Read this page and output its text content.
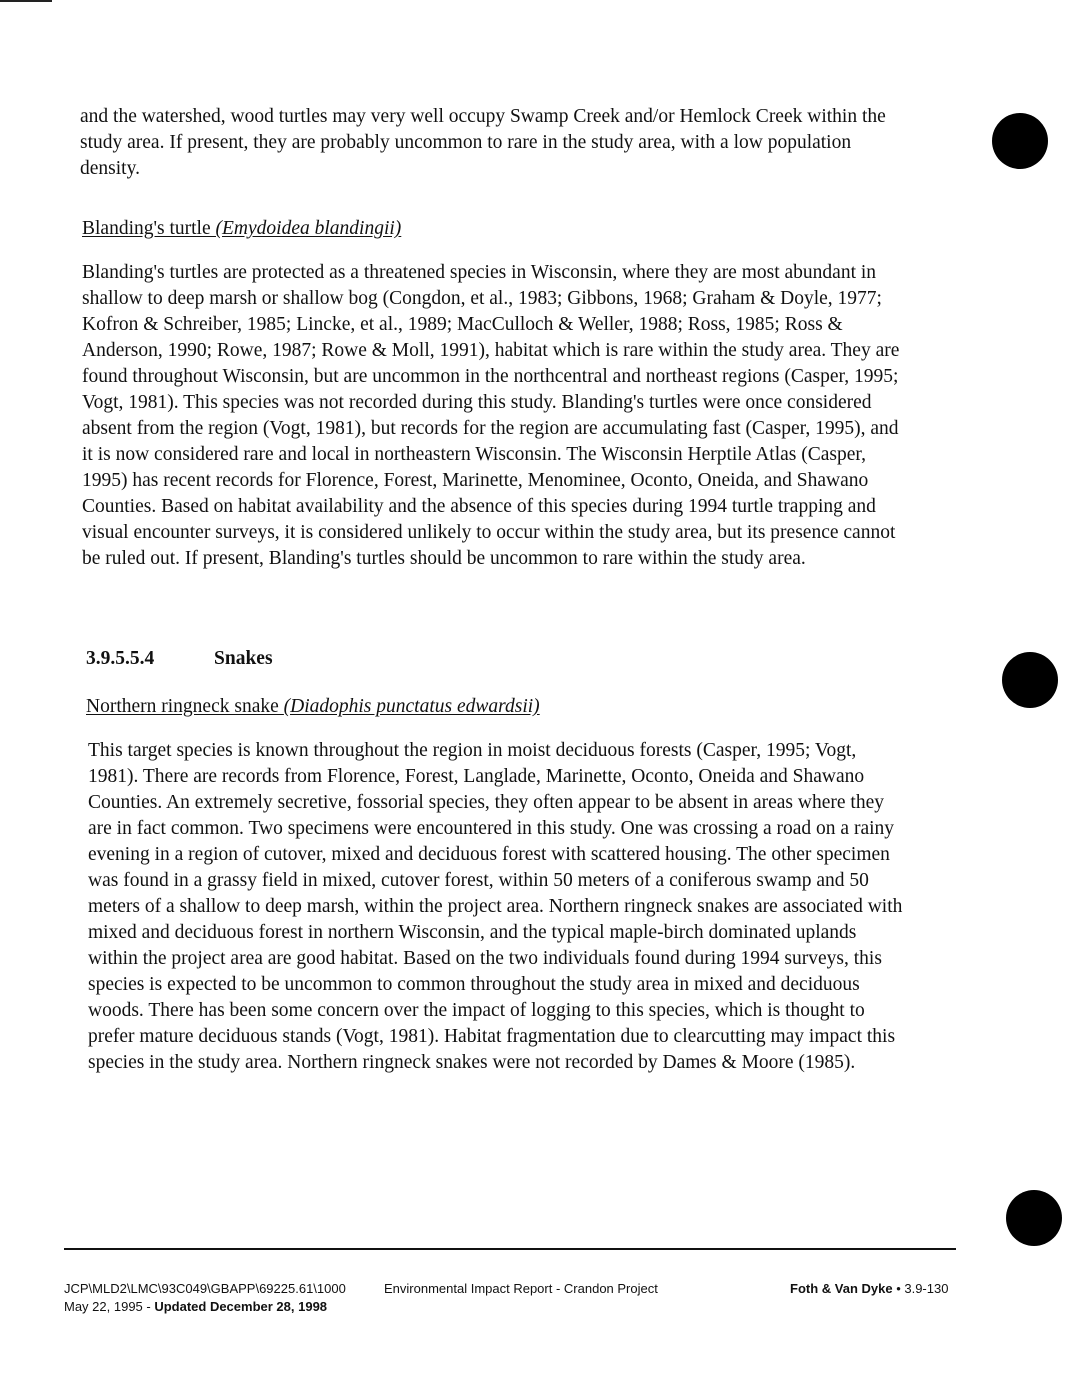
and the watershed, wood turtles may very well occupy Swamp Creek and/or Hemlock Creek within the study area. If present, they are probably uncommon to rare in the study area, with a low population density.

Blanding's turtle (Emydoidea blandingii)

Blanding's turtles are protected as a threatened species in Wisconsin, where they are most abundant in shallow to deep marsh or shallow bog (Congdon, et al., 1983; Gibbons, 1968; Graham & Doyle, 1977; Kofron & Schreiber, 1985; Lincke, et al., 1989; MacCulloch & Weller, 1988; Ross, 1985; Ross & Anderson, 1990; Rowe, 1987; Rowe & Moll, 1991), habitat which is rare within the study area. They are found throughout Wisconsin, but are uncommon in the northcentral and northeast regions (Casper, 1995; Vogt, 1981). This species was not recorded during this study. Blanding's turtles were once considered absent from the region (Vogt, 1981), but records for the region are accumulating fast (Casper, 1995), and it is now considered rare and local in northeastern Wisconsin. The Wisconsin Herptile Atlas (Casper, 1995) has recent records for Florence, Forest, Marinette, Menominee, Oconto, Oneida, and Shawano Counties. Based on habitat availability and the absence of this species during 1994 turtle trapping and visual encounter surveys, it is considered unlikely to occur within the study area, but its presence cannot be ruled out. If present, Blanding's turtles should be uncommon to rare within the study area.

3.9.5.5.4	Snakes
Northern ringneck snake (Diadophis punctatus edwardsii)

This target species is known throughout the region in moist deciduous forests (Casper, 1995; Vogt, 1981). There are records from Florence, Forest, Langlade, Marinette, Oconto, Oneida and Shawano Counties. An extremely secretive, fossorial species, they often appear to be absent in areas where they are in fact common. Two specimens were encountered in this study. One was crossing a road on a rainy evening in a region of cutover, mixed and deciduous forest with scattered housing. The other specimen was found in a grassy field in mixed, cutover forest, within 50 meters of a coniferous swamp and 50 meters of a shallow to deep marsh, within the project area. Northern ringneck snakes are associated with mixed and deciduous forest in northern Wisconsin, and the typical maple-birch dominated uplands within the project area are good habitat. Based on the two individuals found during 1994 surveys, this species is expected to be uncommon to common throughout the study area in mixed and deciduous woods. There has been some concern over the impact of logging to this species, which is thought to prefer mature deciduous stands (Vogt, 1981). Habitat fragmentation due to clearcutting may impact this species in the study area. Northern ringneck snakes were not recorded by Dames & Moore (1985).

JCP\MLD2\LMC\93C049\GBAPP\69225.61\1000
May 22, 1995 - Updated December 28, 1998
Environmental Impact Report - Crandon Project	Foth & Van Dyke • 3.9-130
